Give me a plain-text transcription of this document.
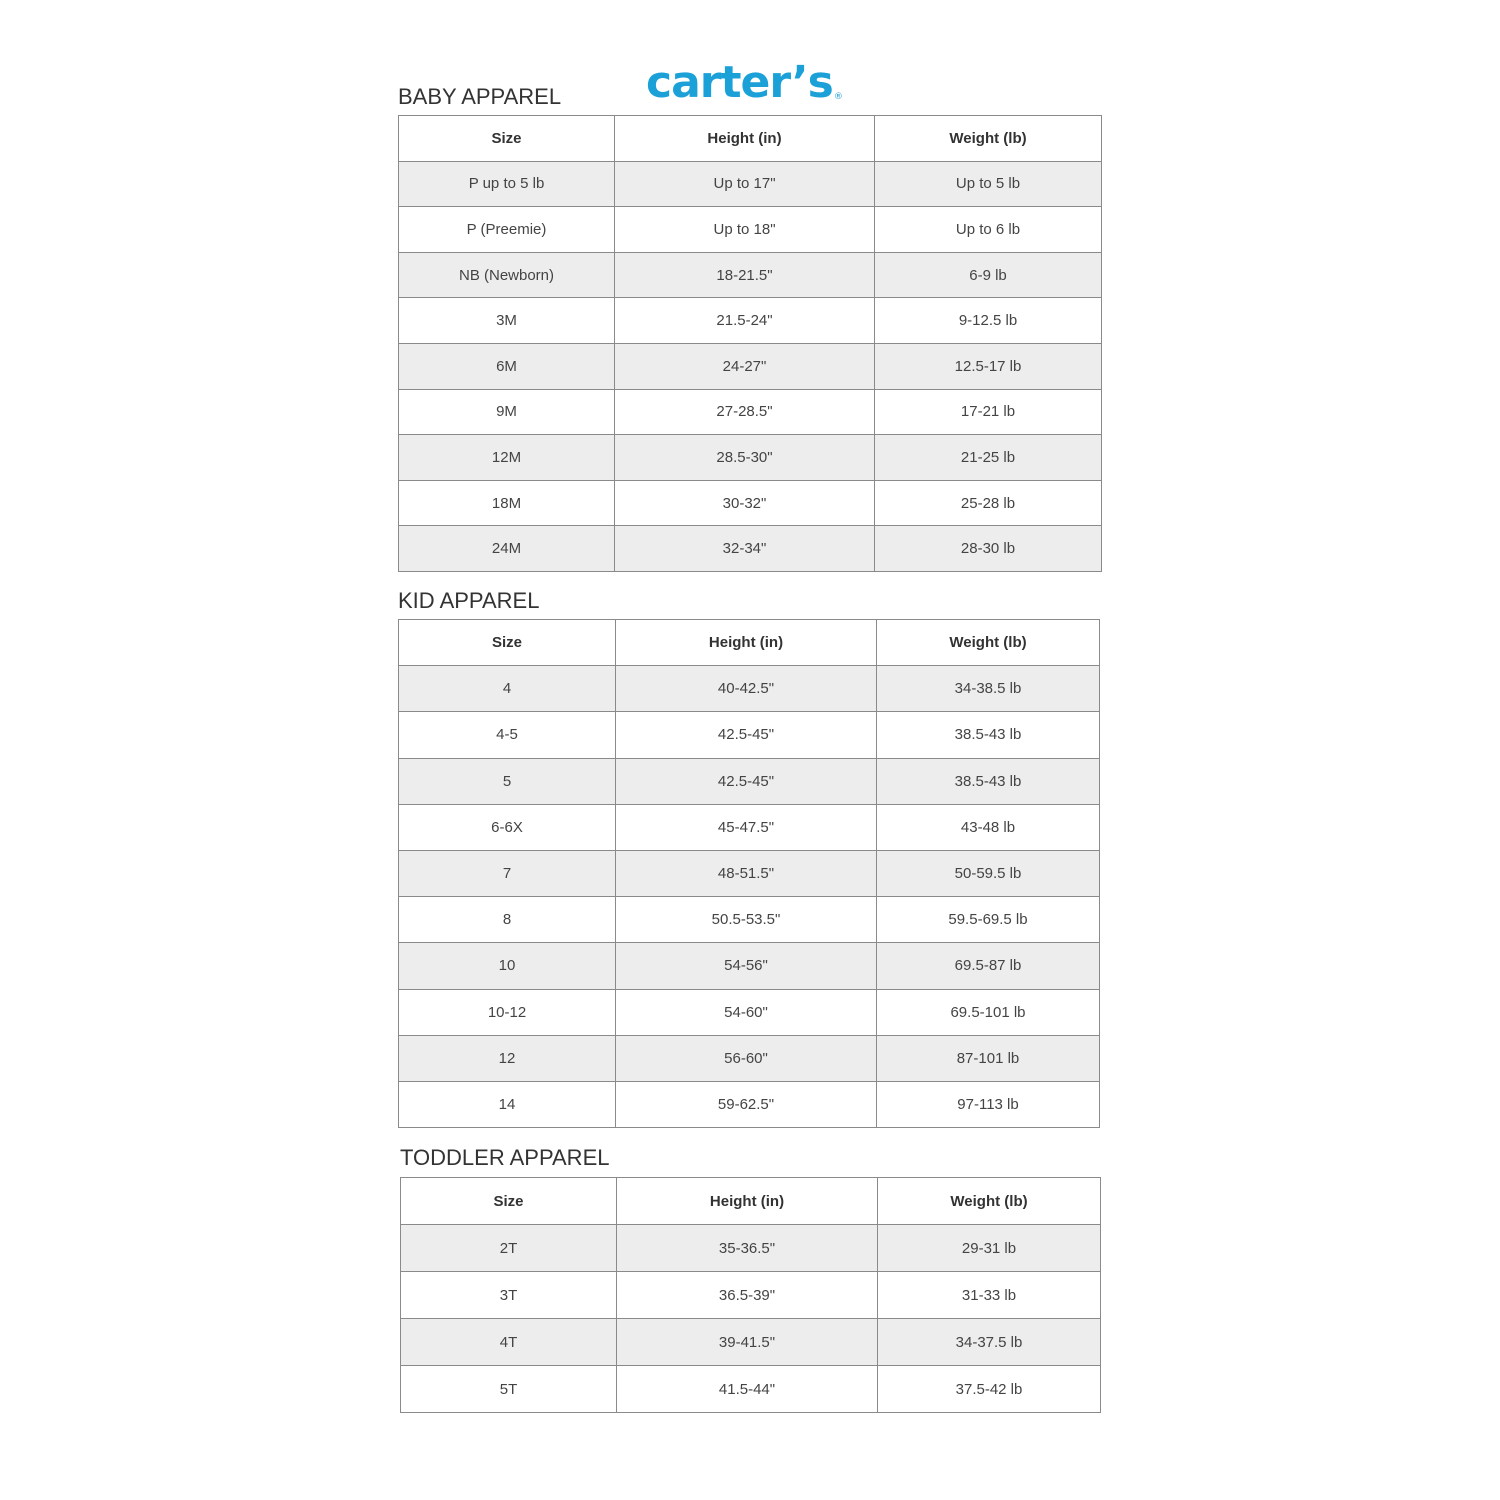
carter’s®
BABY APPAREL
Size	Height (in)	Weight (lb)
P up to 5 lb	Up to 17"	Up to 5 lb
P (Preemie)	Up to 18"	Up to 6 lb
NB (Newborn)	18-21.5"	6-9 lb
3M	21.5-24"	9-12.5 lb
6M	24-27"	12.5-17 lb
9M	27-28.5"	17-21 lb
12M	28.5-30"	21-25 lb
18M	30-32"	25-28 lb
24M	32-34"	28-30 lb
KID APPAREL
Size	Height (in)	Weight (lb)
4	40-42.5"	34-38.5 lb
4-5	42.5-45"	38.5-43 lb
5	42.5-45"	38.5-43 lb
6-6X	45-47.5"	43-48 lb
7	48-51.5"	50-59.5 lb
8	50.5-53.5"	59.5-69.5 lb
10	54-56"	69.5-87 lb
10-12	54-60"	69.5-101 lb
12	56-60"	87-101 lb
14	59-62.5"	97-113 lb
TODDLER APPAREL
Size	Height (in)	Weight (lb)
2T	35-36.5"	29-31 lb
3T	36.5-39"	31-33 lb
4T	39-41.5"	34-37.5 lb
5T	41.5-44"	37.5-42 lb
